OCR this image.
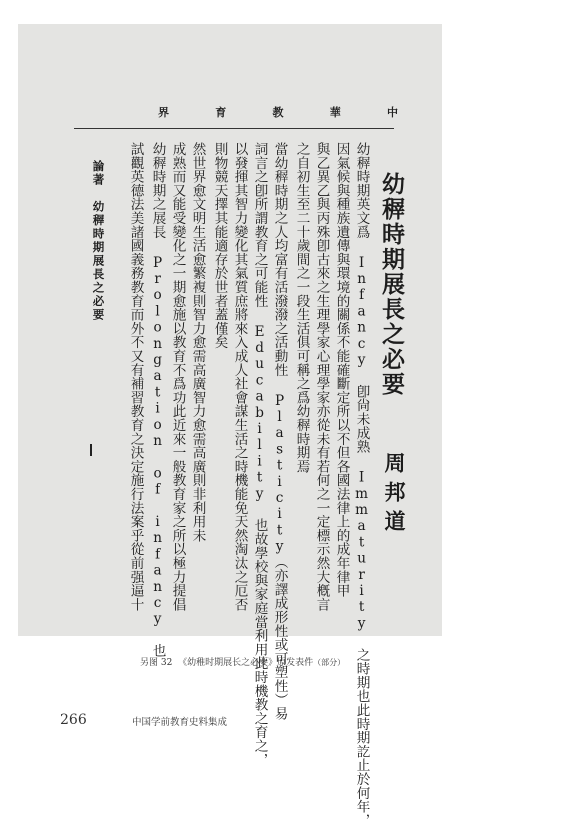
界	育	教	華	中
幼稺時期展長之必要
周邦道
幼稺時期英文爲 Infancy 卽尙未成熟 Immaturity 之時期也此時期訖止於何年，
因氣候與種族遺傳與環境的關係不能確斷定所以不但各國法律上的成年律甲
與乙異乙與丙殊卽古來之生理學家心理學家亦從未有若何之一定標示然大槪言
之自初生至二十歲間之一段生活俱可稱之爲幼稺時期焉
當幼稺時期之人均富有活潑潑之活動性 Plasticity（亦譯成形性或可塑性）易
詞言之卽所謂教育之可能性 Educability 也故學校與家庭當利用此時機教之育之，
以發揮其智力變化其氣質庶將來入成人社會謀生活之時機能免天然淘汰之厄否
則物競天擇其能適存於世者蓋僅矣
然世界愈文明生活愈繁複則智力愈需高廣智力愈需高廣則非利用未
成熟而又能受變化之一期愈施以教育不爲功此近來一般教育家之所以極力提倡
幼稺時期之展長 Prolongation of infancy 也
試觀英德法美諸國義務教育而外不又有補習教育之決定施行法案乎從前强逼十
論著　幼稺時期展長之必要
另图 32 《幼稚时期展长之必要》原发表件（部分）
266	中国学前教育史料集成
